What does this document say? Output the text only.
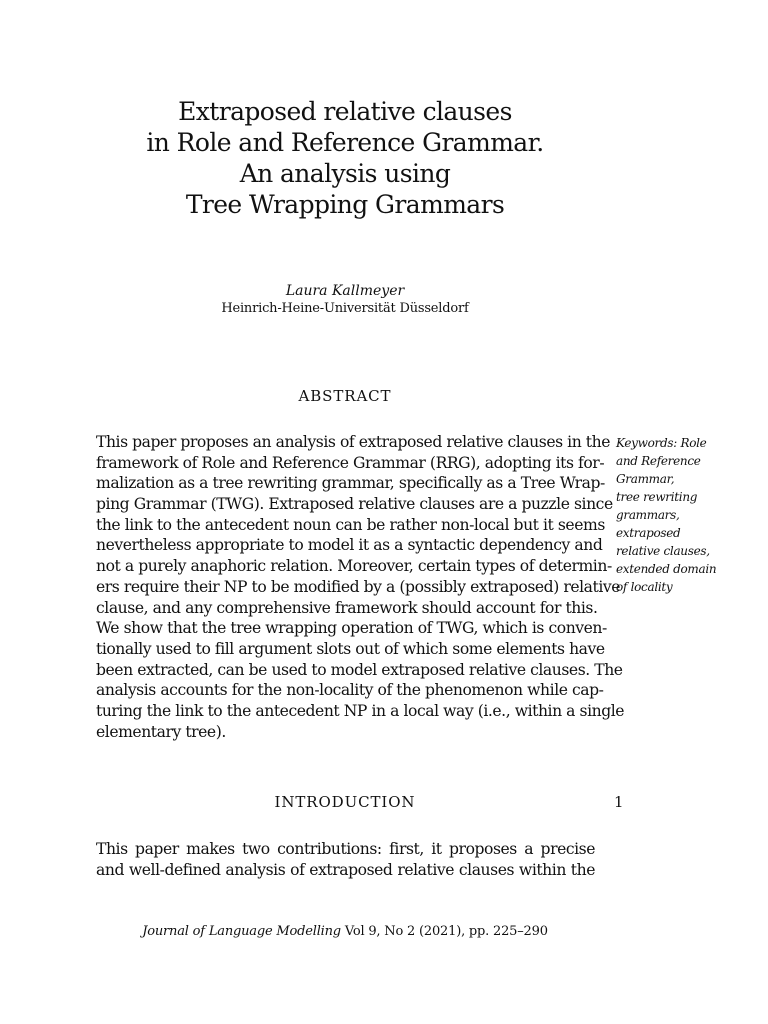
Extraposed relative clauses
in Role and Reference Grammar.
An analysis using
Tree Wrapping Grammars
Laura Kallmeyer
Heinrich-Heine-Universität Düsseldorf
ABSTRACT
This paper proposes an analysis of extraposed relative clauses in the
framework of Role and Reference Grammar (RRG), adopting its for-
malization as a tree rewriting grammar, specifically as a Tree Wrap-
ping Grammar (TWG). Extraposed relative clauses are a puzzle since
the link to the antecedent noun can be rather non-local but it seems
nevertheless appropriate to model it as a syntactic dependency and
not a purely anaphoric relation. Moreover, certain types of determin-
ers require their NP to be modified by a (possibly extraposed) relative
clause, and any comprehensive framework should account for this.
We show that the tree wrapping operation of TWG, which is conven-
tionally used to fill argument slots out of which some elements have
been extracted, can be used to model extraposed relative clauses. The
analysis accounts for the non-locality of the phenomenon while cap-
turing the link to the antecedent NP in a local way (i.e., within a single
elementary tree).
Keywords: Role
and Reference
Grammar,
tree rewriting
grammars,
extraposed
relative clauses,
extended domain
of locality
INTRODUCTION	1
This paper makes two contributions: first, it proposes a precise
and well-defined analysis of extraposed relative clauses within the
Journal of Language Modelling Vol 9, No 2 (2021), pp. 225–290
